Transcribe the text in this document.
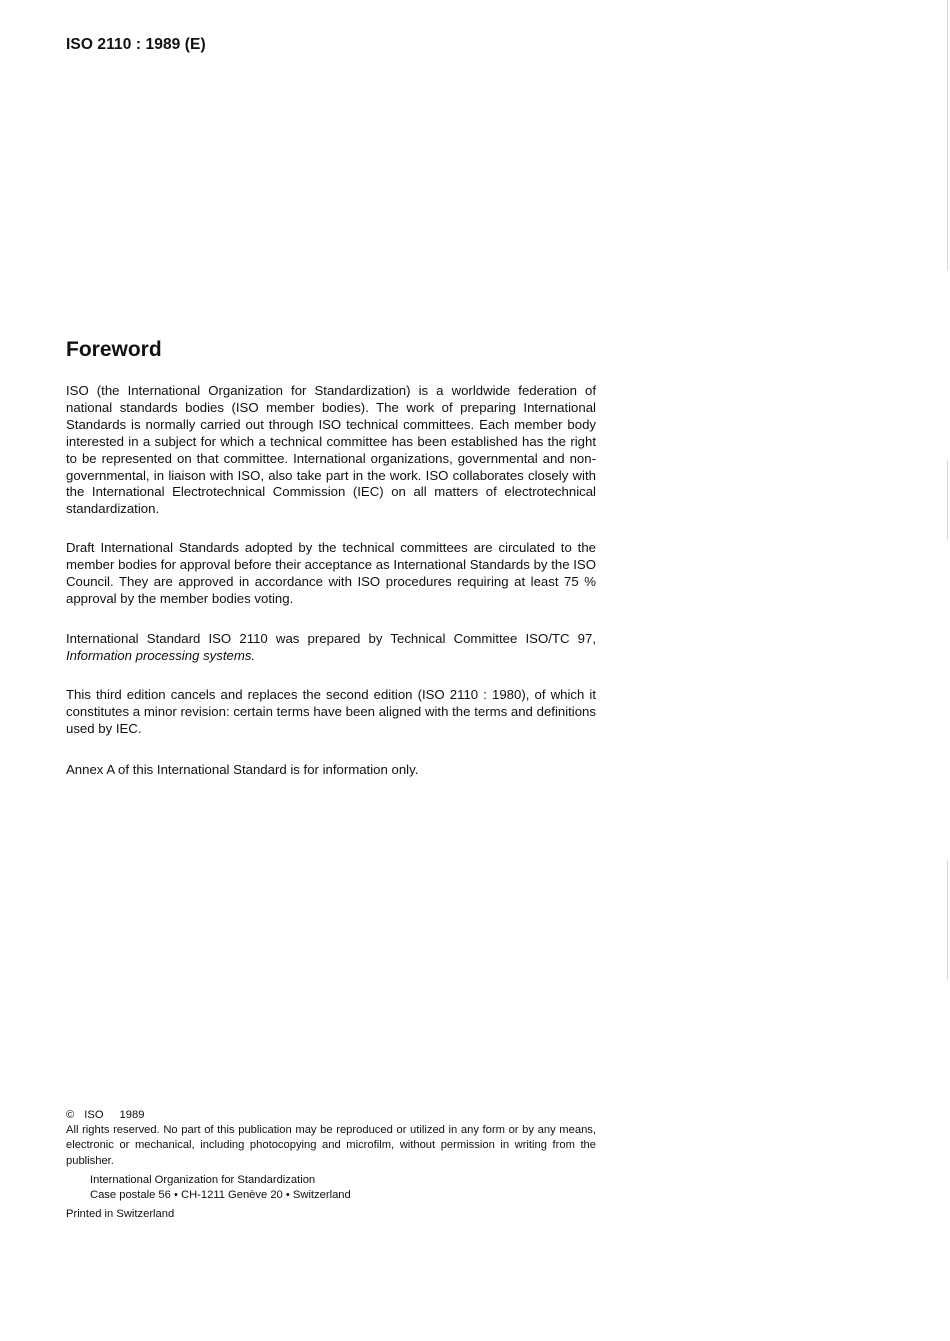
ISO 2110 : 1989 (E)
Foreword

ISO (the International Organization for Standardization) is a worldwide federation of national standards bodies (ISO member bodies). The work of preparing International Standards is normally carried out through ISO technical committees. Each member body interested in a subject for which a technical committee has been established has the right to be represented on that committee. International organizations, governmental and non-governmental, in liaison with ISO, also take part in the work. ISO collaborates closely with the International Electrotechnical Commission (IEC) on all matters of electrotechnical standardization.

Draft International Standards adopted by the technical committees are circulated to the member bodies for approval before their acceptance as International Standards by the ISO Council. They are approved in accordance with ISO procedures requiring at least 75 % approval by the member bodies voting.

International Standard ISO 2110 was prepared by Technical Committee ISO/TC 97, Information processing systems.

This third edition cancels and replaces the second edition (ISO 2110 : 1980), of which it constitutes a minor revision: certain terms have been aligned with the terms and definitions used by IEC.

Annex A of this International Standard is for information only.

© ISO 1989
All rights reserved. No part of this publication may be reproduced or utilized in any form or by any means, electronic or mechanical, including photocopying and microfilm, without permission in writing from the publisher.
International Organization for Standardization
Case postale 56 • CH-1211 Genève 20 • Switzerland
Printed in Switzerland
